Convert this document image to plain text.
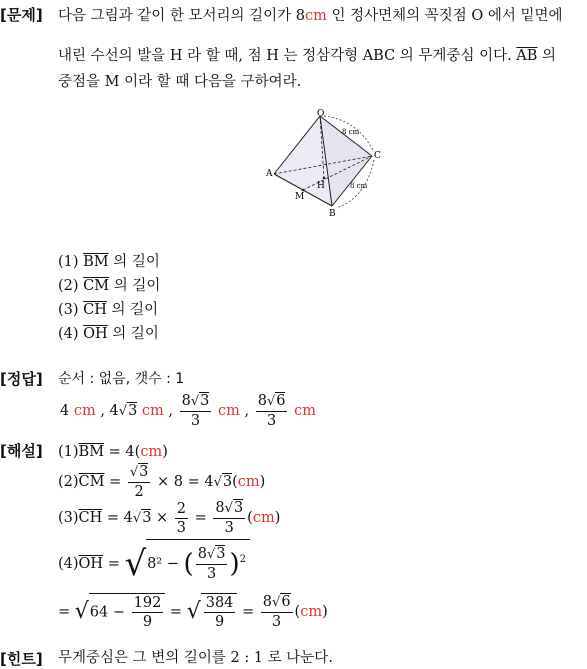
[문제] 다음 그림과 같이 한 모서리의 길이가 8cm 인 정사면체의 꼭짓점 O 에서 밑면에
내린 수선의 발을 H 라 할 때, 점 H 는 정삼각형 ABC 의 무게중심 이다. $\overline{AB}$ 의
중점을 M 이라 할 때 다음을 구하여라.
O
A
B
C
H
M
8 cm
8 cm
(1) $\overline{BM}$ 의 길이
(2) $\overline{CM}$ 의 길이
(3) $\overline{CH}$ 의 길이
(4) $\overline{OH}$ 의 길이
[정답] 순서 : 없음, 갯수 : 1
4 cm , 4√3 cm , $\frac{8√3}{3}$ cm , $\frac{8√6}{3}$ cm
[해설] $(1)\overline{BM} = 4(cm)$
$(2)\overline{CM} = \frac{√3}{2} \times 8 = 4√3(cm)$
$(3)\overline{CH} = 4√3 \times \frac{2}{3} = \frac{8√3}{3} (cm)$
$(4)\overline{OH} = √8^2$ − ( $\frac{8√3}{3} )^2$
= $√64 - \frac{192}{9}$ = √ $\frac{384}{9} = \frac{8√6}{3} (cm)$
[힌트] 무게중심은 그 변의 길이를 2 : 1 로 나눈다.
